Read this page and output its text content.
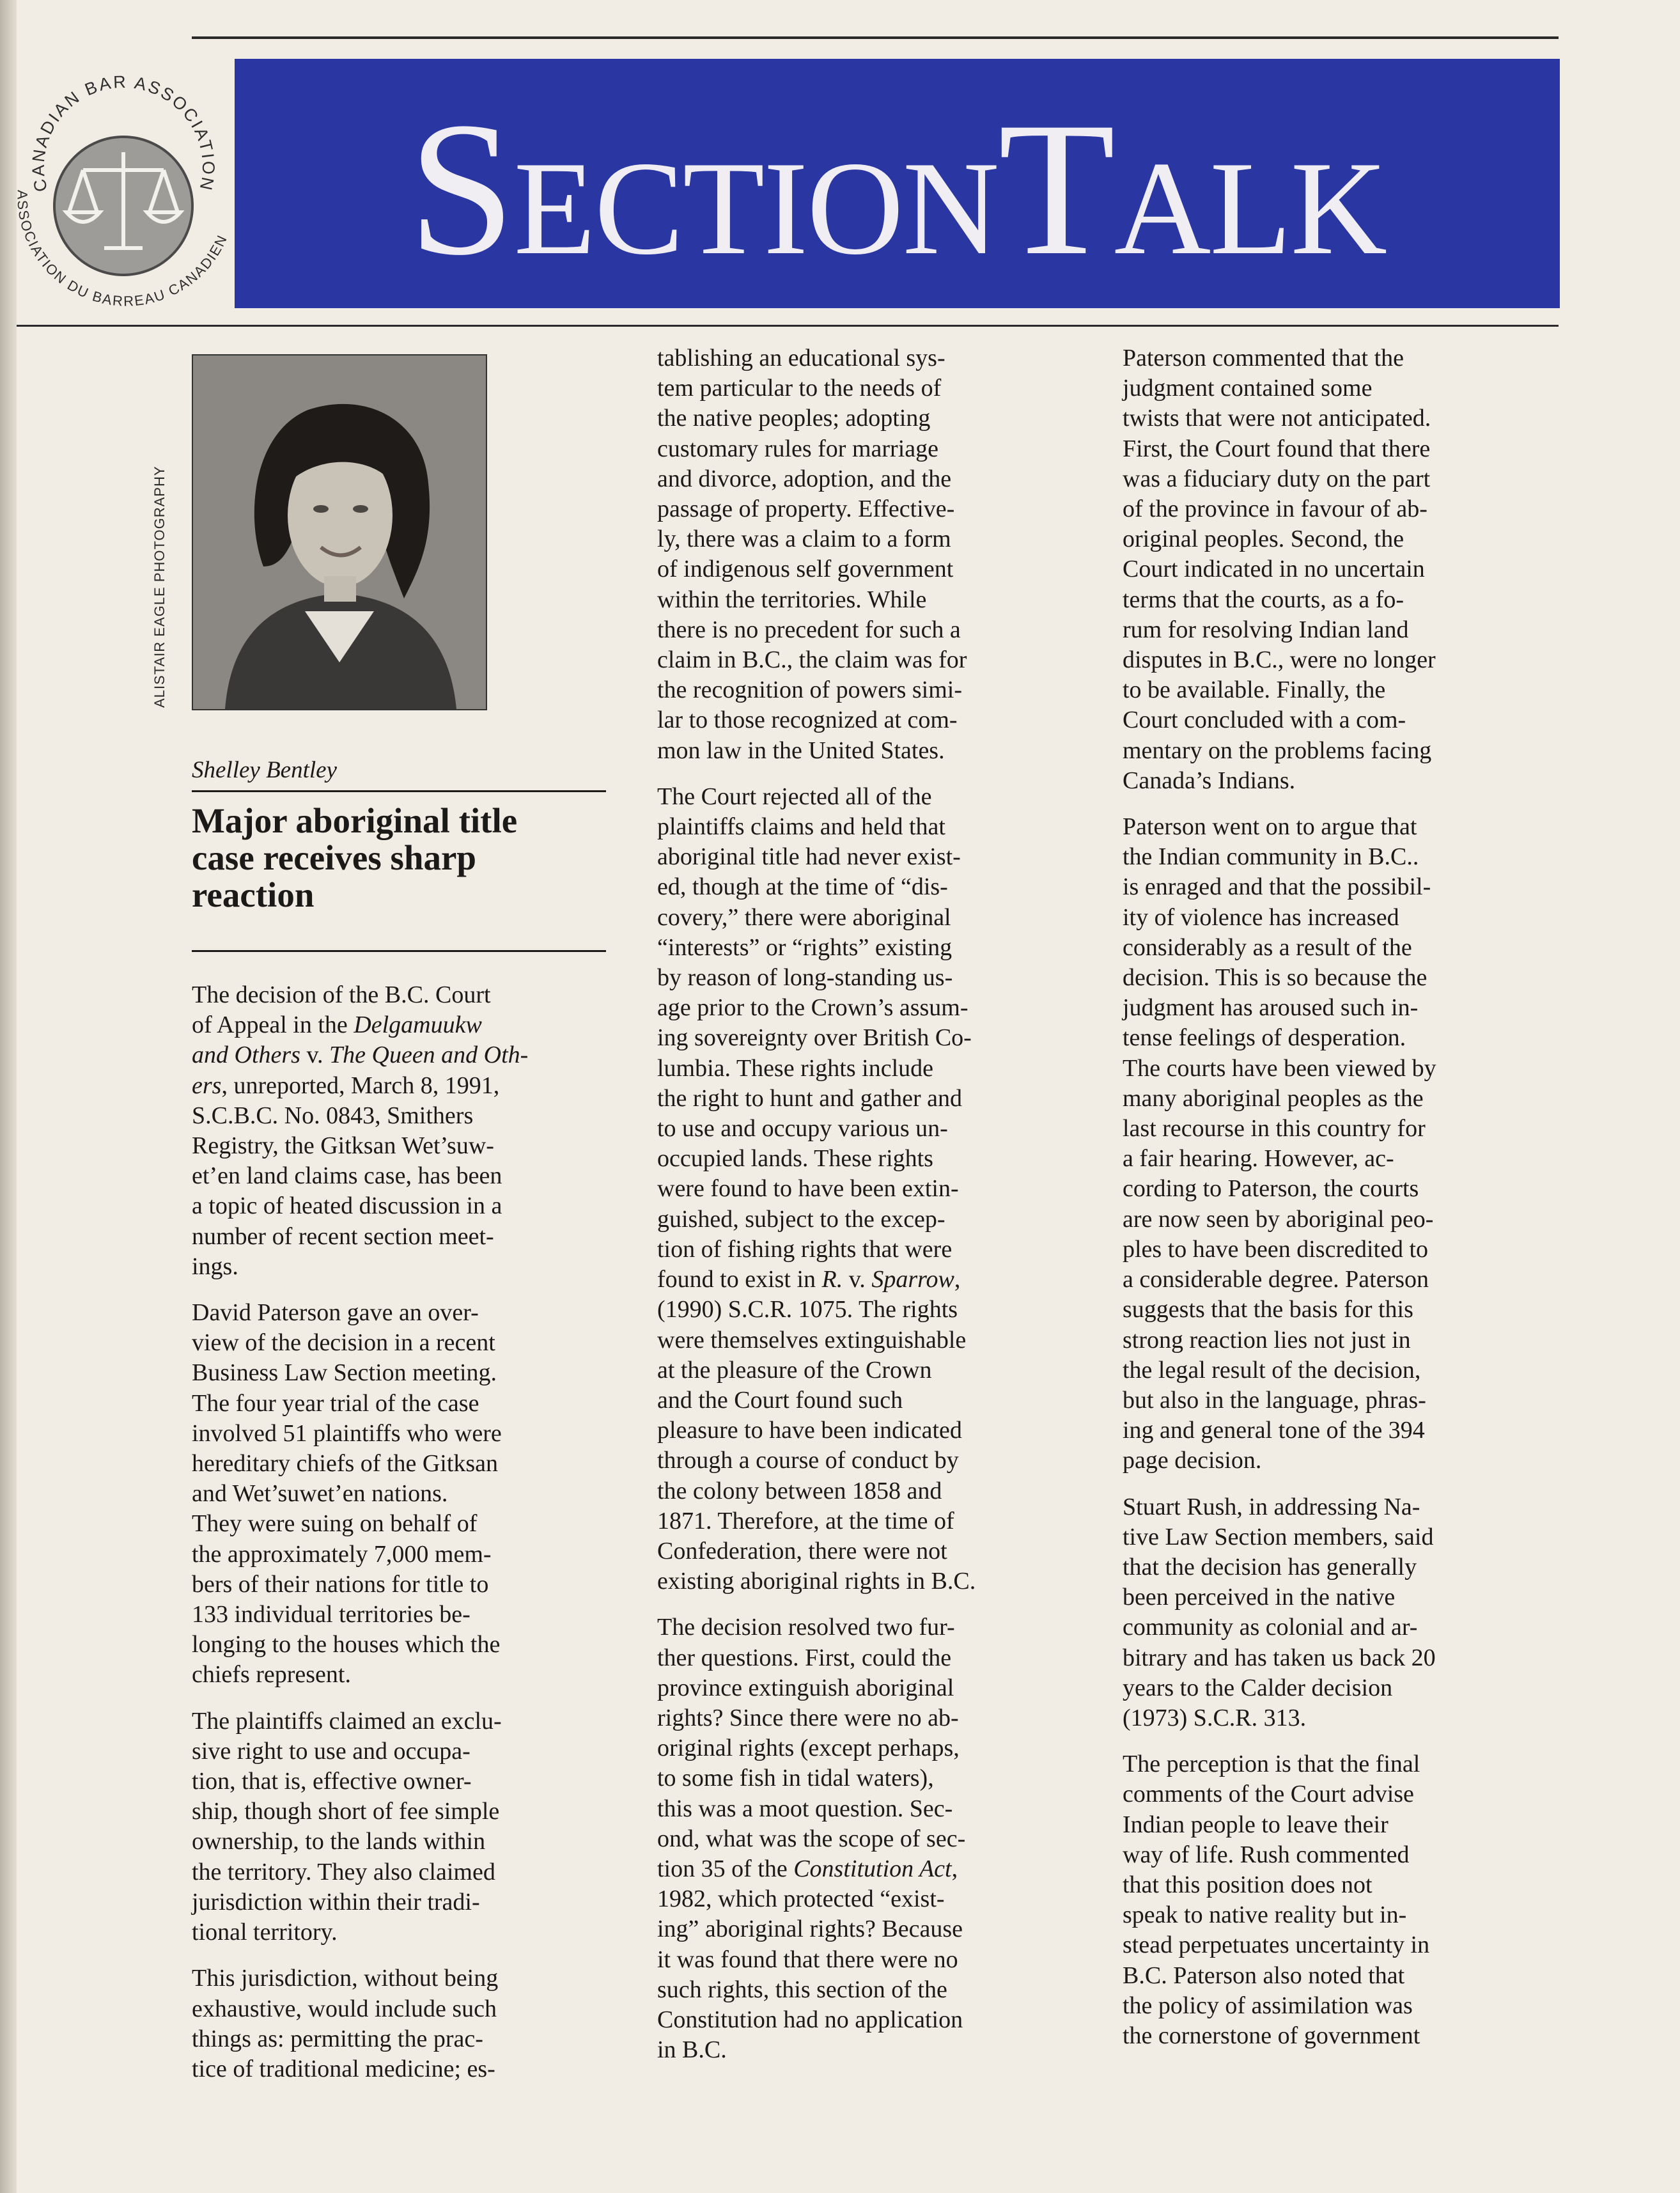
CANADIAN BAR ASSOCIATION
ASSOCIATION DU BARREAU CANADIEN SectionTalk
ALISTAIR EAGLE PHOTOGRAPHY
Shelley Bentley
Major aboriginal title
case receives sharp
reaction

The decision of the B.C. Court
of Appeal in the Delgamuukw
and Others v. The Queen and Oth-
ers, unreported, March 8, 1991,
S.C.B.C. No. 0843, Smithers
Registry, the Gitksan Wet’suw-
et’en land claims case, has been
a topic of heated discussion in a
number of recent section meet-
ings.

David Paterson gave an over-
view of the decision in a recent
Business Law Section meeting.
The four year trial of the case
involved 51 plaintiffs who were
hereditary chiefs of the Gitksan
and Wet’suwet’en nations.
They were suing on behalf of
the approximately 7,000 mem-
bers of their nations for title to
133 individual territories be-
longing to the houses which the
chiefs represent.

The plaintiffs claimed an exclu-
sive right to use and occupa-
tion, that is, effective owner-
ship, though short of fee simple
ownership, to the lands within
the territory. They also claimed
jurisdiction within their tradi-
tional territory.

This jurisdiction, without being
exhaustive, would include such
things as: permitting the prac-
tice of traditional medicine; es-

tablishing an educational sys-
tem particular to the needs of
the native peoples; adopting
customary rules for marriage
and divorce, adoption, and the
passage of property. Effective-
ly, there was a claim to a form
of indigenous self government
within the territories. While
there is no precedent for such a
claim in B.C., the claim was for
the recognition of powers simi-
lar to those recognized at com-
mon law in the United States.

The Court rejected all of the
plaintiffs claims and held that
aboriginal title had never exist-
ed, though at the time of “dis-
covery,” there were aboriginal
“interests” or “rights” existing
by reason of long-standing us-
age prior to the Crown’s assum-
ing sovereignty over British Co-
lumbia. These rights include
the right to hunt and gather and
to use and occupy various un-
occupied lands. These rights
were found to have been extin-
guished, subject to the excep-
tion of fishing rights that were
found to exist in R. v. Sparrow,
(1990) S.C.R. 1075. The rights
were themselves extinguishable
at the pleasure of the Crown
and the Court found such
pleasure to have been indicated
through a course of conduct by
the colony between 1858 and
1871. Therefore, at the time of
Confederation, there were not
existing aboriginal rights in B.C.

The decision resolved two fur-
ther questions. First, could the
province extinguish aboriginal
rights? Since there were no ab-
original rights (except perhaps,
to some fish in tidal waters),
this was a moot question. Sec-
ond, what was the scope of sec-
tion 35 of the Constitution Act,
1982, which protected “exist-
ing” aboriginal rights? Because
it was found that there were no
such rights, this section of the
Constitution had no application
in B.C.

Paterson commented that the
judgment contained some
twists that were not anticipated.
First, the Court found that there
was a fiduciary duty on the part
of the province in favour of ab-
original peoples. Second, the
Court indicated in no uncertain
terms that the courts, as a fo-
rum for resolving Indian land
disputes in B.C., were no longer
to be available. Finally, the
Court concluded with a com-
mentary on the problems facing
Canada’s Indians.

Paterson went on to argue that
the Indian community in B.C..
is enraged and that the possibil-
ity of violence has increased
considerably as a result of the
decision. This is so because the
judgment has aroused such in-
tense feelings of desperation.
The courts have been viewed by
many aboriginal peoples as the
last recourse in this country for
a fair hearing. However, ac-
cording to Paterson, the courts
are now seen by aboriginal peo-
ples to have been discredited to
a considerable degree. Paterson
suggests that the basis for this
strong reaction lies not just in
the legal result of the decision,
but also in the language, phras-
ing and general tone of the 394
page decision.

Stuart Rush, in addressing Na-
tive Law Section members, said
that the decision has generally
been perceived in the native
community as colonial and ar-
bitrary and has taken us back 20
years to the Calder decision
(1973) S.C.R. 313.

The perception is that the final
comments of the Court advise
Indian people to leave their
way of life. Rush commented
that this position does not
speak to native reality but in-
stead perpetuates uncertainty in
B.C. Paterson also noted that
the policy of assimilation was
the cornerstone of government
